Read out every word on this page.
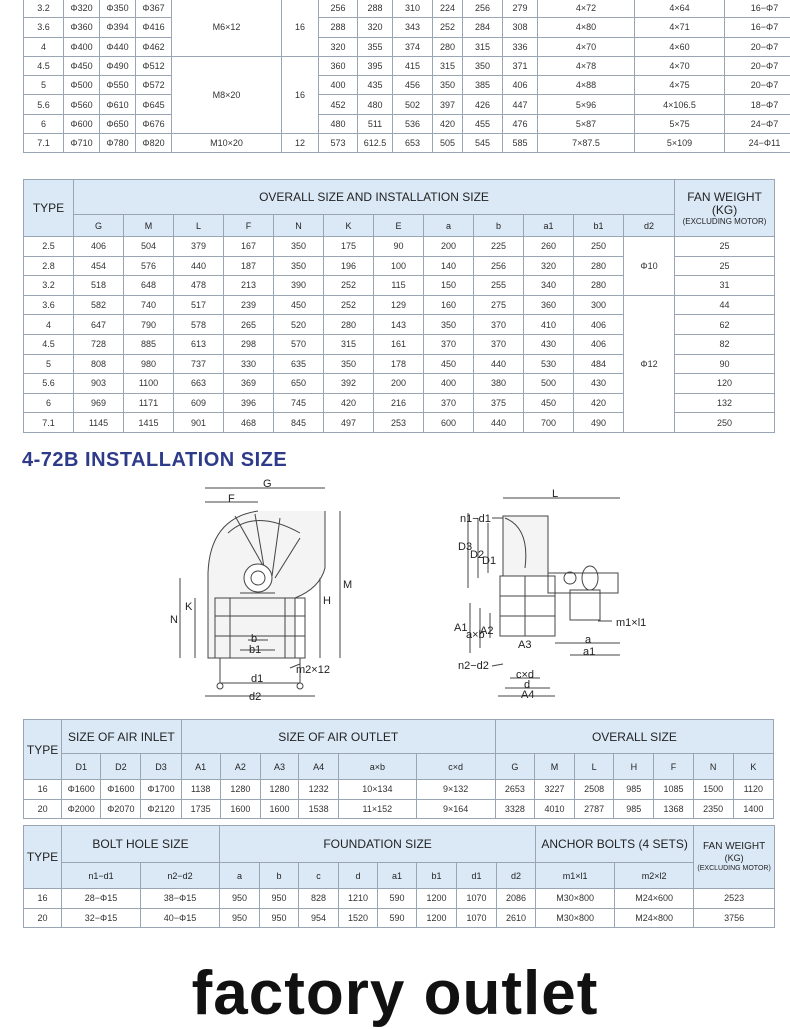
3.2	Φ320	Φ350	Φ367	M6×12	16	256	288	310	224	256	279	4×72	4×64	16−Φ7
3.6	Φ360	Φ394	Φ416			288	320	343	252	284	308	4×80	4×71	16−Φ7
4	Φ400	Φ440	Φ462			320	355	374	280	315	336	4×70	4×60	20−Φ7
4.5	Φ450	Φ490	Φ512	M8×20	16	360	395	415	315	350	371	4×78	4×70	20−Φ7
5	Φ500	Φ550	Φ572			400	435	456	350	385	406	4×88	4×75	20−Φ7
5.6	Φ560	Φ610	Φ645			452	480	502	397	426	447	5×96	4×106.5	18−Φ7
6	Φ600	Φ650	Φ676			480	511	536	420	455	476	5×87	5×75	24−Φ7
7.1	Φ710	Φ780	Φ820	M10×20	12	573	612.5	653	505	545	585	7×87.5	5×109	24−Φ11
TYPE	OVERALL SIZE AND INSTALLATION SIZE												FAN WEIGHT
(KG)
(EXCLUDING MOTOR)

	G	M	L	F	N	K	E	a	b	a1	b1	d2	
2.5	406	504	379	167	350	175	90	200	225	260	250	Φ10	25
2.8	454	576	440	187	350	196	100	140	256	320	280		25
3.2	518	648	478	213	390	252	115	150	255	340	280		31
3.6	582	740	517	239	450	252	129	160	275	360	300	Φ12	44
4	647	790	578	265	520	280	143	350	370	410	406		62
4.5	728	885	613	298	570	315	161	370	370	430	406		82
5	808	980	737	330	635	350	178	450	440	530	484		90
5.6	903	1100	663	369	650	392	200	400	380	500	430		120
6	969	1171	609	396	745	420	216	370	375	450	420		132
7.1	1145	1415	901	468	845	497	253	600	440	700	490		250
4-72B INSTALLATION SIZE
G
F
M
H
N
K
b
b1
d1
d2
m2×12
L
n1−d1
D3
D2
D1
A1
a×b
A2
A3
m1×l1
a
a1
n2−d2
c×d
d
A4
TYPE	SIZE OF AIR INLET			SIZE OF AIR OUTLET						OVERALL SIZE						
	D1	D2	D3	A1	A2	A3	A4	a×b	c×d	G	M	L	H	F	N	K
16	Φ1600	Φ1600	Φ1700	1138	1280	1280	1232	10×134	9×132	2653	3227	2508	985	1085	1500	1120
20	Φ2000	Φ2070	Φ2120	1735	1600	1600	1538	11×152	9×164	3328	4010	2787	985	1368	2350	1400
TYPE	BOLT HOLE SIZE		FOUNDATION SIZE								ANCHOR BOLTS (4 SETS)		FAN WEIGHT
(KG)
(EXCLUDING MOTOR)

	n1−d1	n2−d2	a	b	c	d	a1	b1	d1	d2	m1×l1	m2×l2	
16	28−Φ15	38−Φ15	950	950	828	1210	590	1200	1070	2086	M30×800	M24×600	2523
20	32−Φ15	40−Φ15	950	950	954	1520	590	1200	1070	2610	M30×800	M24×800	3756
factory outlet
